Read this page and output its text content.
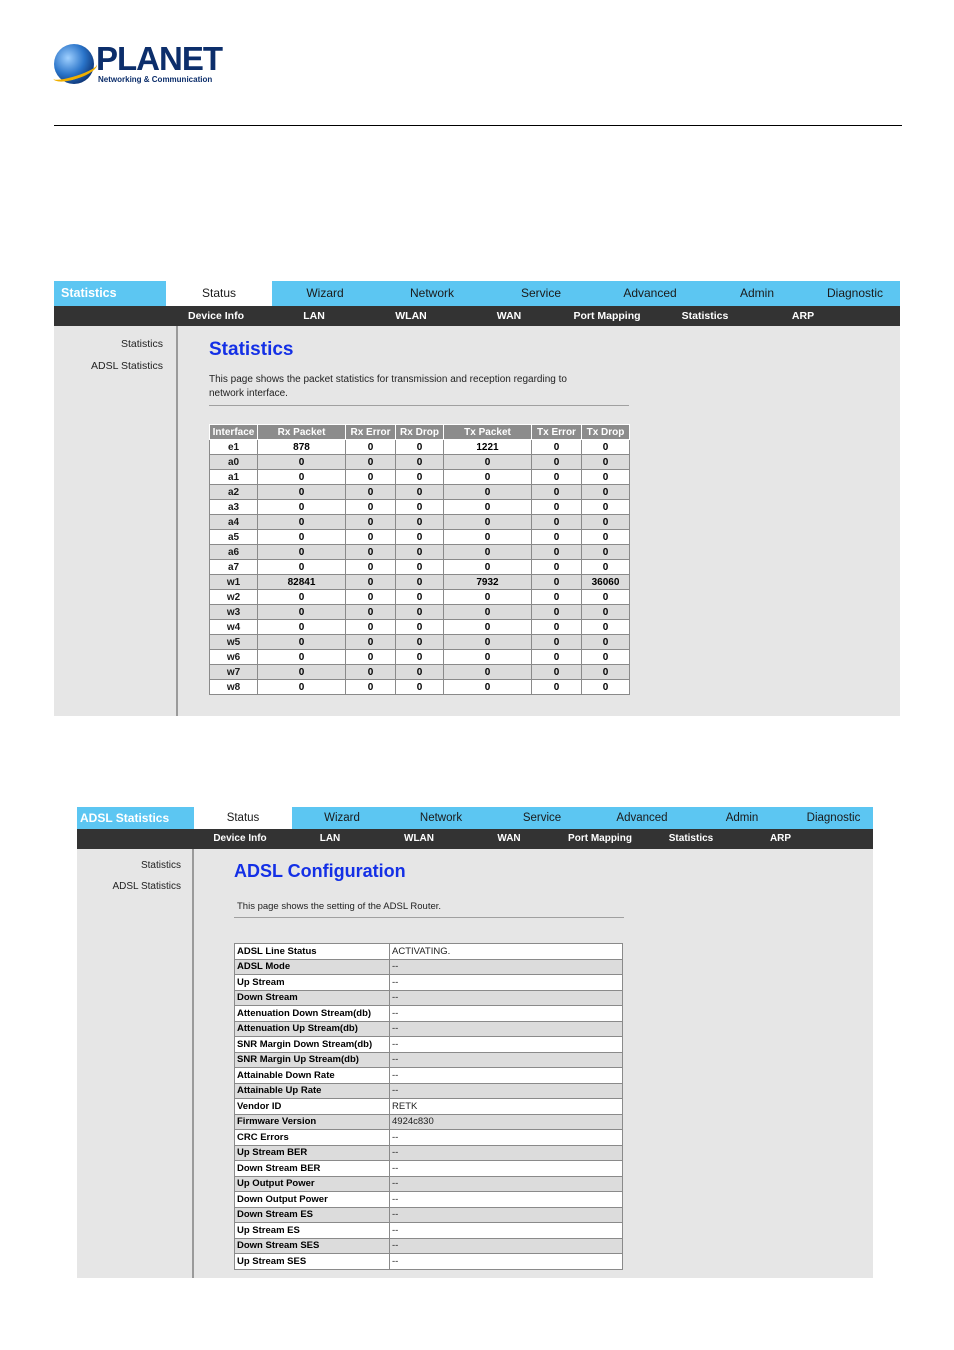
PLANET
Networking & Communication
Statistics	Status	Wizard	Network	Service	Advanced	Admin	Diagnostic
Device Info	LAN	WLAN	WAN	Port Mapping	Statistics	ARP
Statistics
ADSL Statistics
Statistics
This page shows the packet statistics for transmission and reception regarding to
network interface.
Interface	Rx Packet	Rx Error	Rx Drop	Tx Packet	Tx Error	Tx Drop
e1	878	0	0	1221	0	0
a0	0	0	0	0	0	0
a1	0	0	0	0	0	0
a2	0	0	0	0	0	0
a3	0	0	0	0	0	0
a4	0	0	0	0	0	0
a5	0	0	0	0	0	0
a6	0	0	0	0	0	0
a7	0	0	0	0	0	0
w1	82841	0	0	7932	0	36060
w2	0	0	0	0	0	0
w3	0	0	0	0	0	0
w4	0	0	0	0	0	0
w5	0	0	0	0	0	0
w6	0	0	0	0	0	0
w7	0	0	0	0	0	0
w8	0	0	0	0	0	0
ADSL Statistics	Status	Wizard	Network	Service	Advanced	Admin	Diagnostic
Device Info	LAN	WLAN	WAN	Port Mapping	Statistics	ARP
Statistics
ADSL Statistics
ADSL Configuration
This page shows the setting of the ADSL Router.
ADSL Line Status	ACTIVATING.
ADSL Mode	--
Up Stream	--
Down Stream	--
Attenuation Down Stream(db)	--
Attenuation Up Stream(db)	--
SNR Margin Down Stream(db)	--
SNR Margin Up Stream(db)	--
Attainable Down Rate	--
Attainable Up Rate	--
Vendor ID	RETK
Firmware Version	4924c830
CRC Errors	--
Up Stream BER	--
Down Stream BER	--
Up Output Power	--
Down Output Power	--
Down Stream ES	--
Up Stream ES	--
Down Stream SES	--
Up Stream SES	--
